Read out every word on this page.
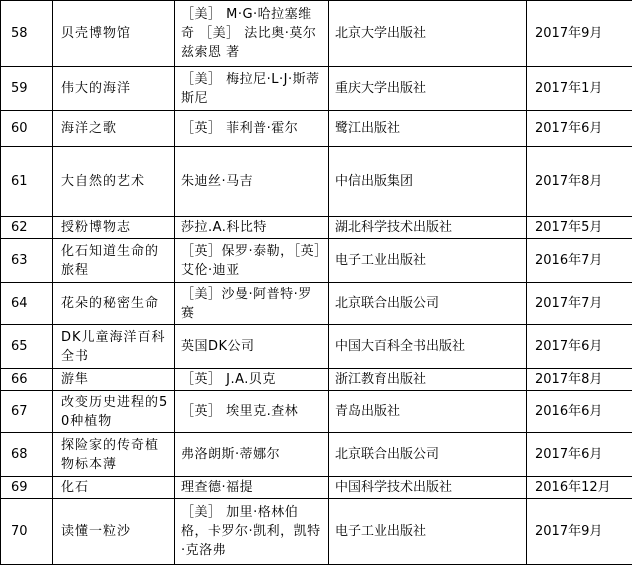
58	贝壳博物馆	［美］ M·G·哈拉塞维奇 ［美］ 法比奥·莫尔兹索恩 著	北京大学出版社	2017年9月
59	伟大的海洋	［美］ 梅拉尼·L·J·斯蒂斯尼	重庆大学出版社	2017年1月
60	海洋之歌	［英］ 菲利普·霍尔	鹭江出版社	2017年6月
61	大自然的艺术	朱迪丝·马吉	中信出版集团	2017年8月
62	授粉博物志	莎拉.A.科比特	湖北科学技术出版社	2017年5月
63	化石知道生命的旅程	［英］保罗·泰勒，［英］艾伦·迪亚	电子工业出版社	2016年7月
64	花朵的秘密生命	［美］沙曼·阿普特·罗赛	北京联合出版公司	2017年7月
65	DK儿童海洋百科全书	英国DK公司	中国大百科全书出版社	2017年6月
66	游隼	［英］ J.A.贝克	浙江教育出版社	2017年8月
67	改变历史进程的50种植物	［英］ 埃里克.查林	青岛出版社	2016年6月
68	探险家的传奇植物标本薄	弗洛朗斯·蒂娜尔	北京联合出版公司	2017年6月
69	化石	理查德·福提	中国科学技术出版社	2016年12月
70	读懂一粒沙	［美］ 加里·格林伯格，卡罗尔·凯利，凯特·克洛弗	电子工业出版社	2017年9月
